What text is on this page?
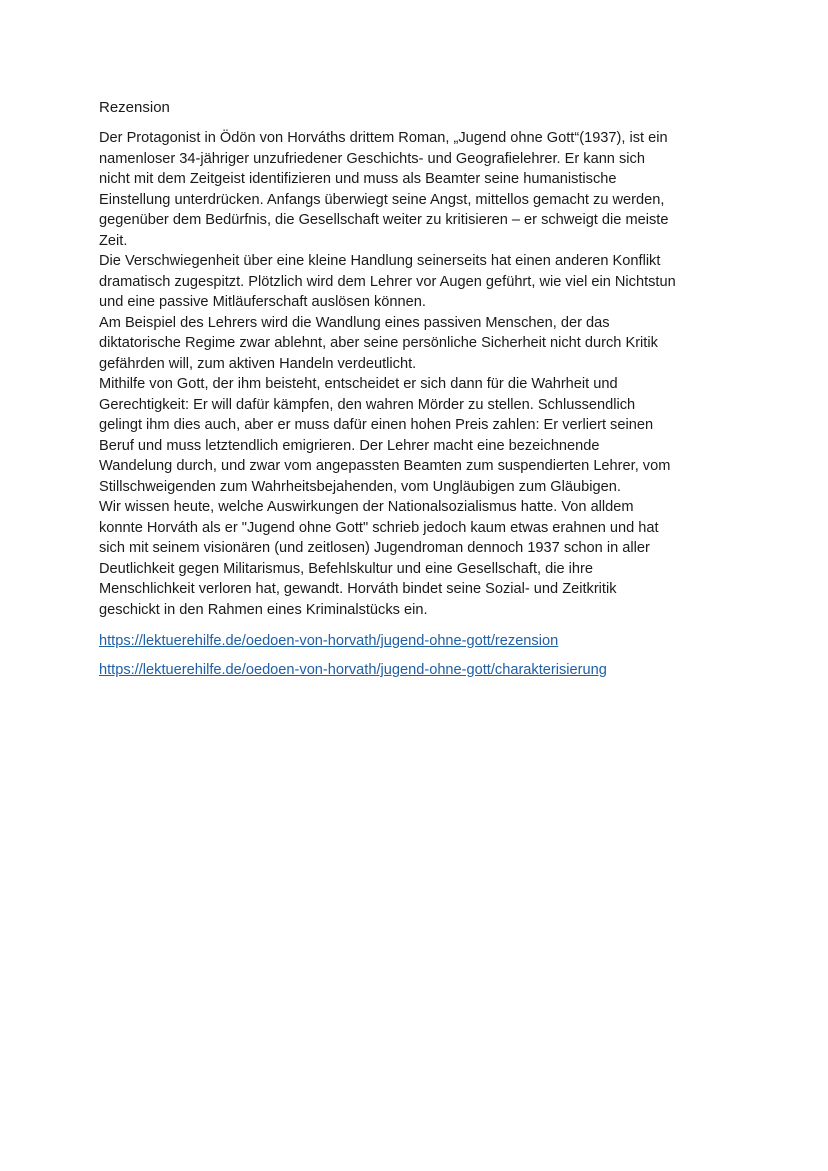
Rezension
Der Protagonist in Ödön von Horváths drittem Roman, „Jugend ohne Gott“(1937), ist ein
namenloser 34-jähriger unzufriedener Geschichts- und Geografielehrer. Er kann sich
nicht mit dem Zeitgeist identifizieren und muss als Beamter seine humanistische
Einstellung unterdrücken. Anfangs überwiegt seine Angst, mittellos gemacht zu werden,
gegenüber dem Bedürfnis, die Gesellschaft weiter zu kritisieren – er schweigt die meiste
Zeit.
Die Verschwiegenheit über eine kleine Handlung seinerseits hat einen anderen Konflikt
dramatisch zugespitzt. Plötzlich wird dem Lehrer vor Augen geführt, wie viel ein Nichtstun
und eine passive Mitläuferschaft auslösen können.
Am Beispiel des Lehrers wird die Wandlung eines passiven Menschen, der das
diktatorische Regime zwar ablehnt, aber seine persönliche Sicherheit nicht durch Kritik
gefährden will, zum aktiven Handeln verdeutlicht.
Mithilfe von Gott, der ihm beisteht, entscheidet er sich dann für die Wahrheit und
Gerechtigkeit: Er will dafür kämpfen, den wahren Mörder zu stellen. Schlussendlich
gelingt ihm dies auch, aber er muss dafür einen hohen Preis zahlen: Er verliert seinen
Beruf und muss letztendlich emigrieren. Der Lehrer macht eine bezeichnende
Wandelung durch, und zwar vom angepassten Beamten zum suspendierten Lehrer, vom
Stillschweigenden zum Wahrheitsbejahenden, vom Ungläubigen zum Gläubigen.
Wir wissen heute, welche Auswirkungen der Nationalsozialismus hatte. Von alldem
konnte Horváth als er "Jugend ohne Gott" schrieb jedoch kaum etwas erahnen und hat
sich mit seinem visionären (und zeitlosen) Jugendroman dennoch 1937 schon in aller
Deutlichkeit gegen Militarismus, Befehlskultur und eine Gesellschaft, die ihre
Menschlichkeit verloren hat, gewandt. Horváth bindet seine Sozial- und Zeitkritik
geschickt in den Rahmen eines Kriminalstücks ein.
https://lektuerehilfe.de/oedoen-von-horvath/jugend-ohne-gott/rezension
https://lektuerehilfe.de/oedoen-von-horvath/jugend-ohne-gott/charakterisierung
